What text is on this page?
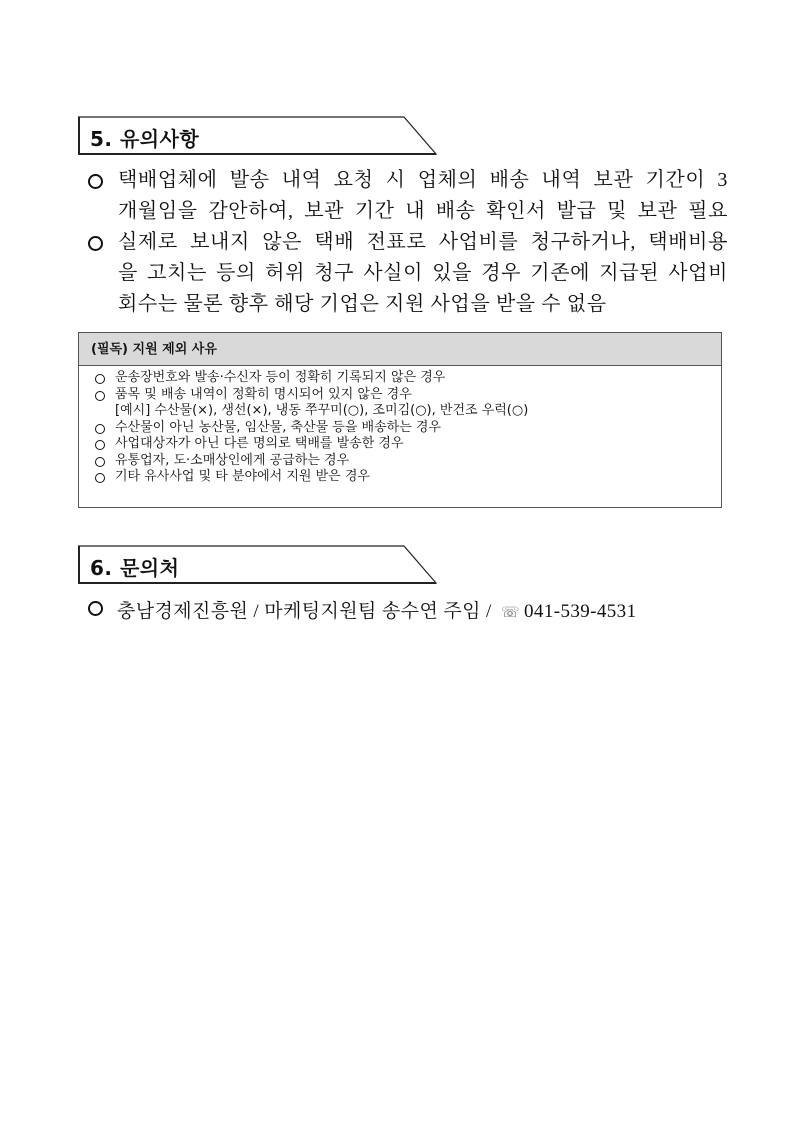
5. 유의사항
택배업체에 발송 내역 요청 시 업체의 배송 내역 보관 기간이 3
개월임을 감안하여, 보관 기간 내 배송 확인서 발급 및 보관 필요
실제로 보내지 않은 택배 전표로 사업비를 청구하거나, 택배비용
을 고치는 등의 허위 청구 사실이 있을 경우 기존에 지급된 사업비
회수는 물론 향후 해당 기업은 지원 사업을 받을 수 없음
(필독) 지원 제외 사유
운송장번호와 발송·수신자 등이 정확히 기록되지 않은 경우
품목 및 배송 내역이 정확히 명시되어 있지 않은 경우
[예시] 수산물(×), 생선(×), 냉동 쭈꾸미(○), 조미김(○), 반건조 우럭(○)
수산물이 아닌 농산물, 임산물, 축산물 등을 배송하는 경우
사업대상자가 아닌 다른 명의로 택배를 발송한 경우
유통업자, 도·소매상인에게 공급하는 경우
기타 유사사업 및 타 분야에서 지원 받은 경우
6. 문의처
충남경제진흥원 / 마케팅지원팀 송수연 주임 / ☏ 041-539-4531
